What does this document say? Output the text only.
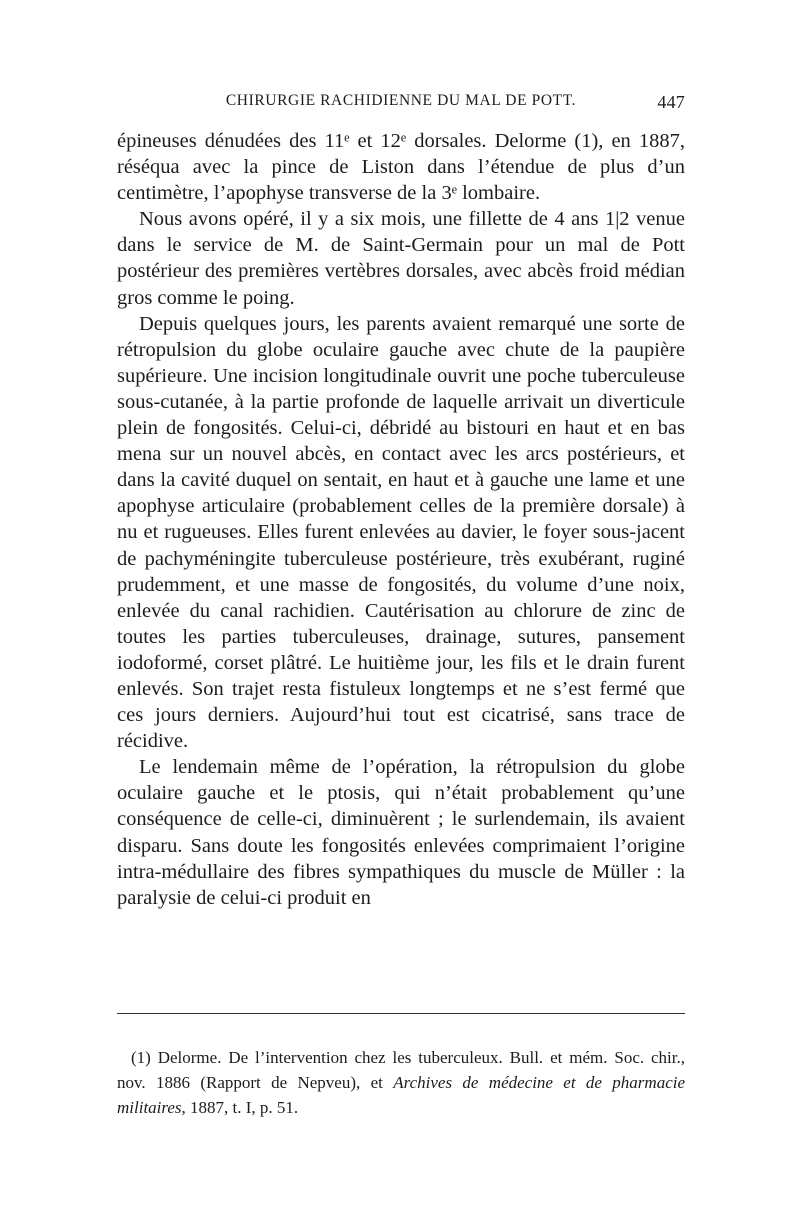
CHIRURGIE RACHIDIENNE DU MAL DE POTT.	447

épineuses dénudées des 11ᵉ et 12ᵉ dorsales. Delorme (1), en 1887, réséqua avec la pince de Liston dans l’étendue de plus d’un centimètre, l’apophyse transverse de la 3ᵉ lombaire.

Nous avons opéré, il y a six mois, une fillette de 4 ans 1|2 venue dans le service de M. de Saint-Germain pour un mal de Pott postérieur des premières vertèbres dorsales, avec abcès froid médian gros comme le poing.

Depuis quelques jours, les parents avaient remarqué une sorte de rétropulsion du globe oculaire gauche avec chute de la paupière supérieure. Une incision longitudinale ouvrit une poche tuberculeuse sous-cutanée, à la partie profonde de laquelle arrivait un diverticule plein de fongosités. Celui-ci, débridé au bistouri en haut et en bas mena sur un nouvel abcès, en contact avec les arcs postérieurs, et dans la cavité duquel on sentait, en haut et à gauche une lame et une apophyse articulaire (probablement celles de la première dorsale) à nu et rugueuses. Elles furent enlevées au davier, le foyer sous-jacent de pachyméningite tuberculeuse postérieure, très exubérant, ruginé prudemment, et une masse de fongosités, du volume d’une noix, enlevée du canal rachidien. Cautérisation au chlorure de zinc de toutes les parties tuberculeuses, drainage, sutures, pansement iodoformé, corset plâtré. Le huitième jour, les fils et le drain furent enlevés. Son trajet resta fistuleux longtemps et ne s’est fermé que ces jours derniers. Aujourd’hui tout est cicatrisé, sans trace de récidive.

Le lendemain même de l’opération, la rétropulsion du globe oculaire gauche et le ptosis, qui n’était probablement qu’une conséquence de celle-ci, diminuèrent ; le surlendemain, ils avaient disparu. Sans doute les fongosités enlevées comprimaient l’origine intra-médullaire des fibres sympathiques du muscle de Müller : la paralysie de celui-ci produit en

(1) Delorme. De l’intervention chez les tuberculeux. Bull. et mém. Soc. chir., nov. 1886 (Rapport de Nepveu), et Archives de médecine et de pharmacie militaires, 1887, t. I, p. 51.
